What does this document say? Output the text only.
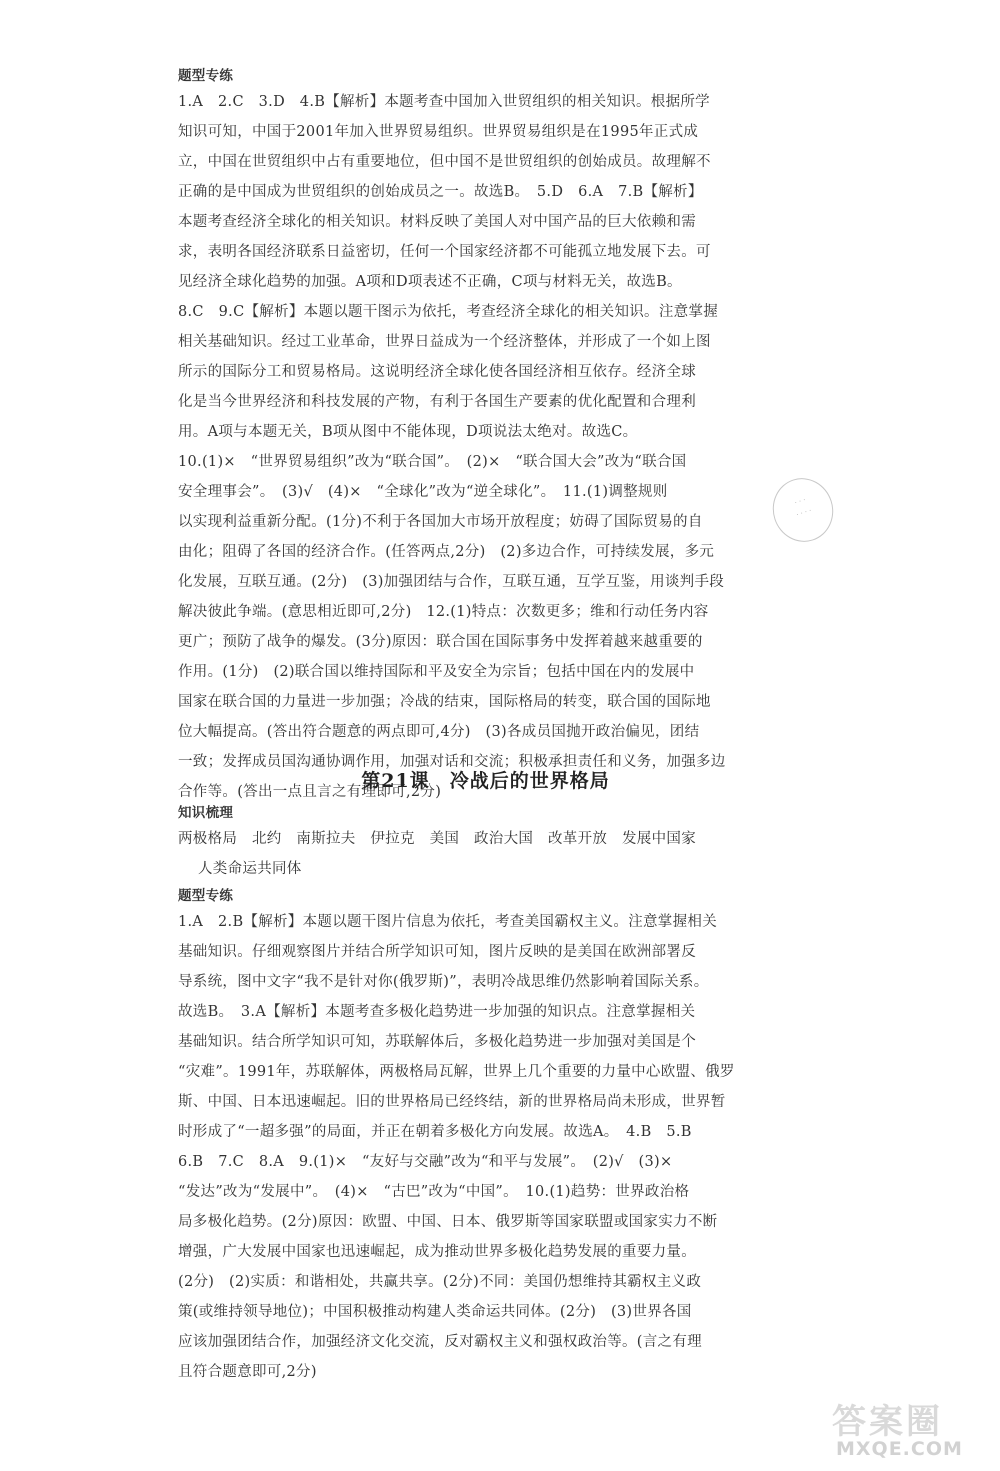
题型专练
1.A　2.C　3.D　4.B【解析】本题考查中国加入世贸组织的相关知识。根据所学
知识可知，中国于2001年加入世界贸易组织。世界贸易组织是在1995年正式成
立，中国在世贸组织中占有重要地位，但中国不是世贸组织的创始成员。故理解不
正确的是中国成为世贸组织的创始成员之一。故选B。　5.D　6.A　7.B【解析】
本题考查经济全球化的相关知识。材料反映了美国人对中国产品的巨大依赖和需
求，表明各国经济联系日益密切，任何一个国家经济都不可能孤立地发展下去。可
见经济全球化趋势的加强。A项和D项表述不正确，C项与材料无关，故选B。
8.C　9.C【解析】本题以题干图示为依托，考查经济全球化的相关知识。注意掌握
相关基础知识。经过工业革命，世界日益成为一个经济整体，并形成了一个如上图
所示的国际分工和贸易格局。这说明经济全球化使各国经济相互依存。经济全球
化是当今世界经济和科技发展的产物，有利于各国生产要素的优化配置和合理利
用。A项与本题无关，B项从图中不能体现，D项说法太绝对。故选C。
10.(1)×　“世界贸易组织”改为“联合国”。　(2)×　“联合国大会”改为“联合国
安全理事会”。　(3)√　(4)×　“全球化”改为“逆全球化”。　11.(1)调整规则
以实现利益重新分配。(1分)不利于各国加大市场开放程度；妨碍了国际贸易的自
由化；阻碍了各国的经济合作。(任答两点,2分)　(2)多边合作，可持续发展，多元
化发展，互联互通。(2分)　(3)加强团结与合作，互联互通，互学互鉴，用谈判手段
解决彼此争端。(意思相近即可,2分)　12.(1)特点：次数更多；维和行动任务内容
更广；预防了战争的爆发。(3分)原因：联合国在国际事务中发挥着越来越重要的
作用。(1分)　(2)联合国以维持国际和平及安全为宗旨；包括中国在内的发展中
国家在联合国的力量进一步加强；冷战的结束，国际格局的转变，联合国的国际地
位大幅提高。(答出符合题意的两点即可,4分)　(3)各成员国抛开政治偏见，团结
一致；发挥成员国沟通协调作用，加强对话和交流；积极承担责任和义务，加强多边
合作等。(答出一点且言之有理即可,2分)
· · ·
· · · ·
第21课　冷战后的世界格局
知识梳理
两极格局　北约　南斯拉夫　伊拉克　美国　政治大国　改革开放　发展中国家
人类命运共同体
题型专练
1.A　2.B【解析】本题以题干图片信息为依托，考查美国霸权主义。注意掌握相关
基础知识。仔细观察图片并结合所学知识可知，图片反映的是美国在欧洲部署反
导系统，图中文字“我不是针对你(俄罗斯)”，表明冷战思维仍然影响着国际关系。
故选B。　3.A【解析】本题考查多极化趋势进一步加强的知识点。注意掌握相关
基础知识。结合所学知识可知，苏联解体后，多极化趋势进一步加强对美国是个
“灾难”。1991年，苏联解体，两极格局瓦解，世界上几个重要的力量中心欧盟、俄罗
斯、中国、日本迅速崛起。旧的世界格局已经终结，新的世界格局尚未形成，世界暂
时形成了“一超多强”的局面，并正在朝着多极化方向发展。故选A。　4.B　5.B
6.B　7.C　8.A　9.(1)×　“友好与交融”改为“和平与发展”。　(2)√　(3)×
“发达”改为“发展中”。　(4)×　“古巴”改为“中国”。　10.(1)趋势：世界政治格
局多极化趋势。(2分)原因：欧盟、中国、日本、俄罗斯等国家联盟或国家实力不断
增强，广大发展中国家也迅速崛起，成为推动世界多极化趋势发展的重要力量。
(2分)　(2)实质：和谐相处，共赢共享。(2分)不同：美国仍想维持其霸权主义政
策(或维持领导地位)；中国积极推动构建人类命运共同体。(2分)　(3)世界各国
应该加强团结合作，加强经济文化交流，反对霸权主义和强权政治等。(言之有理
且符合题意即可,2分)
答案圈
MXQE.COM
